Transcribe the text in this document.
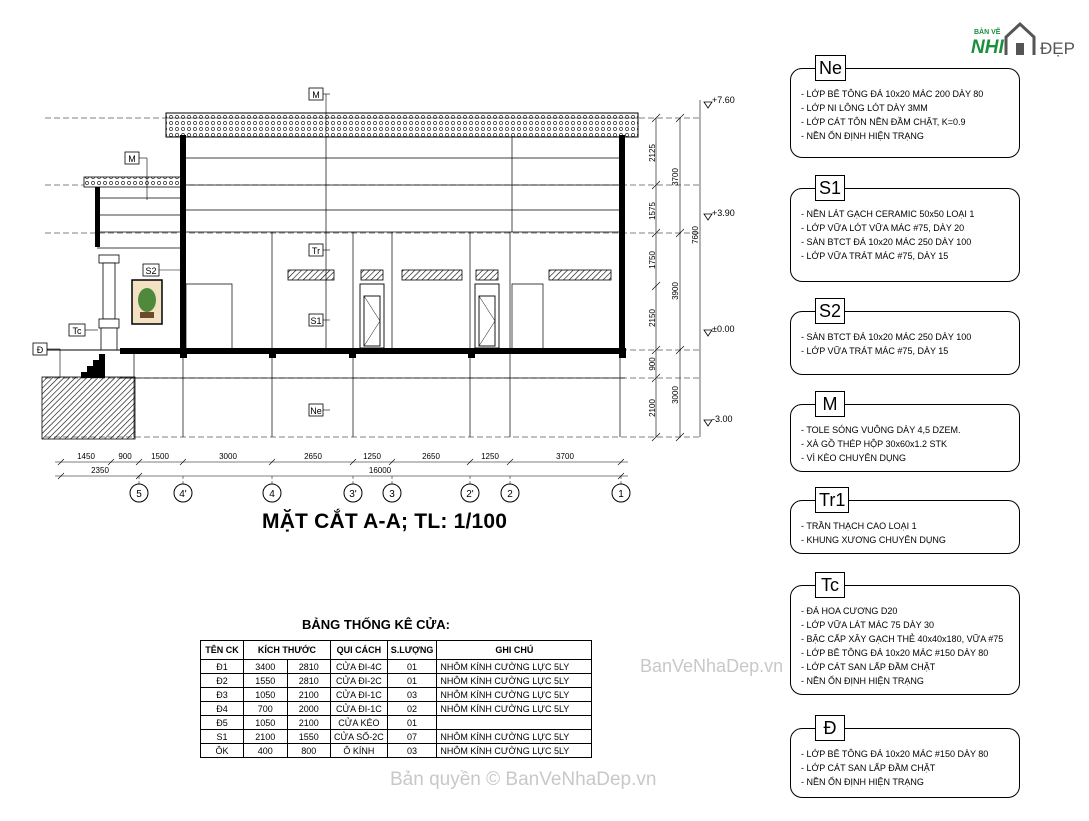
2125
1575
1750
2150
900
2100
3700
3900
3000
7600
+7.60
+3.90
±0.00
-3.00
1450	900 1500	3000	2650	1250	2650	1250	3700
2350	16000
5	4'	4	3'	3	2'	2	1
M
M
Tr
S2
S1
Tc
Đ
Ne
BẢN VẼ
NHI ĐẸP
MẶT CẮT A-A; TL: 1/100
BẢNG THỐNG KÊ CỬA:
TÊN CK	KÍCH THƯỚC		QUI CÁCH	S.LƯỢNG	GHI CHÚ
Đ1	3400	2810	CỬA ĐI-4C	01	NHÔM KÍNH CƯỜNG LỰC 5LY
Đ2	1550	2810	CỬA ĐI-2C	01	NHÔM KÍNH CƯỜNG LỰC 5LY
Đ3	1050	2100	CỬA ĐI-1C	03	NHÔM KÍNH CƯỜNG LỰC 5LY
Đ4	700	2000	CỬA ĐI-1C	02	NHÔM KÍNH CƯỜNG LỰC 5LY
Đ5	1050	2100	CỬA KÉO	01	
S1	2100	1550	CỬA SỔ-2C	07	NHÔM KÍNH CƯỜNG LỰC 5LY
ÔK	400	800	Ô KÍNH	03	NHÔM KÍNH CƯỜNG LỰC 5LY
Ne
- LỚP BÊ TÔNG ĐÁ 10x20 MÁC 200 DÀY 80
- LỚP NI LÔNG LÓT DÀY 3MM
- LỚP CÁT TÔN NỀN ĐẦM CHẶT, K=0.9
- NỀN ỔN ĐỊNH HIỆN TRẠNG
S1
- NỀN LÁT GẠCH CERAMIC 50x50 LOẠI 1
- LỚP VỮA LÓT VỮA MÁC #75, DÀY 20
- SÀN BTCT ĐÁ 10x20 MÁC 250 DÀY 100
- LỚP VỮA TRÁT MÁC #75, DÀY 15
S2
- SÀN BTCT ĐÁ 10x20 MÁC 250 DÀY 100
- LỚP VỮA TRÁT MÁC #75, DÀY 15
M
- TOLE SÓNG VUÔNG DÀY 4,5 DZEM.
- XÀ GỒ THÉP HỘP 30x60x1.2 STK
- VÌ KÈO CHUYÊN DỤNG
Tr1
- TRẦN THẠCH CAO LOẠI 1
- KHUNG XƯƠNG CHUYÊN DỤNG
Tc
- ĐÁ HOA CƯƠNG D20
- LỚP VỮA LÁT MÁC 75 DÀY 30
- BẬC CẤP XÂY GẠCH THẺ 40x40x180, VỮA #75
- LỚP BÊ TÔNG ĐÁ 10x20 MÁC #150 DÀY 80
- LỚP CÁT SAN LẤP ĐẦM CHẶT
- NỀN ỔN ĐỊNH HIỆN TRẠNG
Đ
- LỚP BÊ TÔNG ĐÁ 10x20 MÁC #150 DÀY 80
- LỚP CÁT SAN LẤP ĐẦM CHẶT
- NỀN ỔN ĐỊNH HIỆN TRẠNG
BanVeNhaDep.vn
Bản quyền © BanVeNhaDep.vn
